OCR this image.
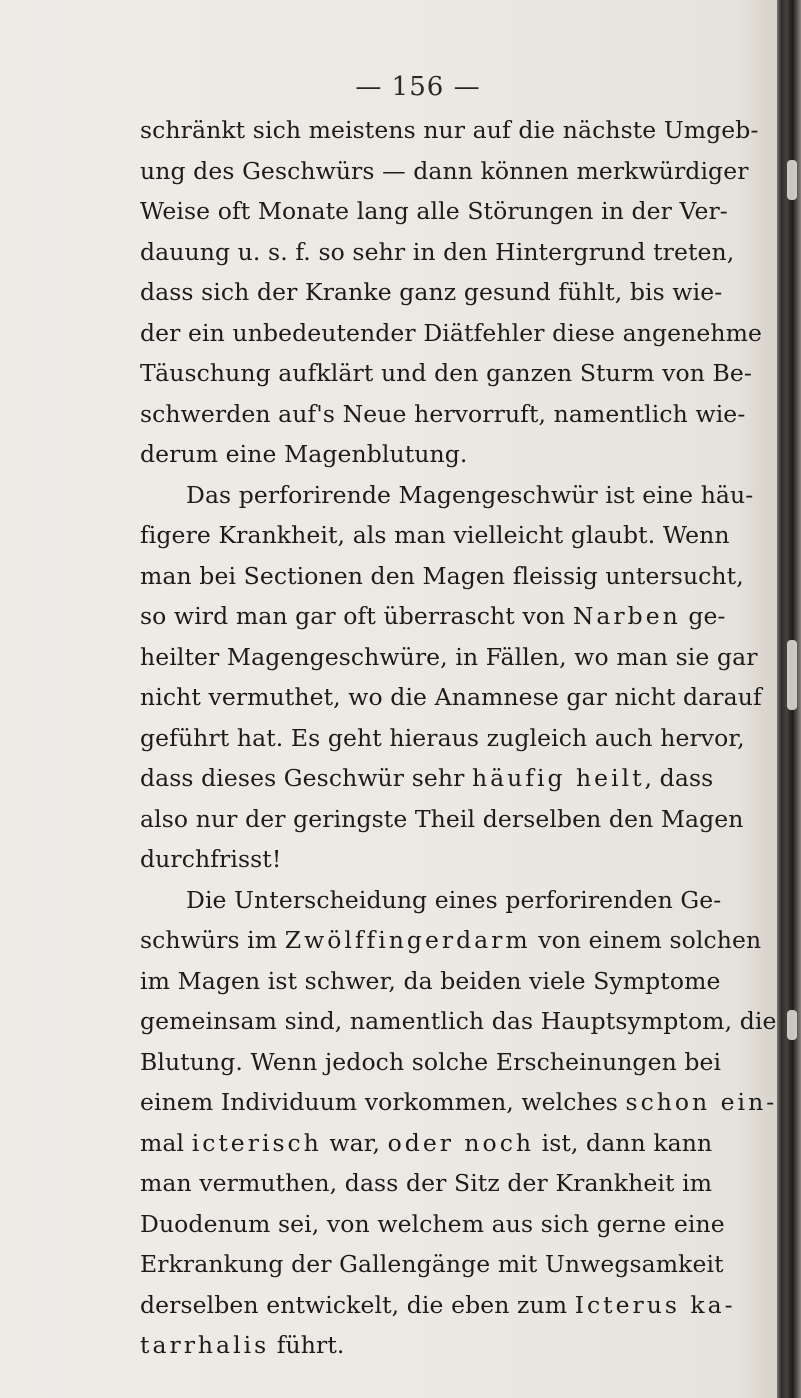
— 156 —
schränkt sich meistens nur auf die nächste Umgeb-
ung des Geschwürs — dann können merkwürdiger
Weise oft Monate lang alle Störungen in der Ver-
dauung u. s. f. so sehr in den Hintergrund treten,
dass sich der Kranke ganz gesund fühlt, bis wie-
der ein unbedeutender Diätfehler diese angenehme
Täuschung aufklärt und den ganzen Sturm von Be-
schwerden auf's Neue hervorruft, namentlich wie-
derum eine Magenblutung.
Das perforirende Magengeschwür ist eine häu-
figere Krankheit, als man vielleicht glaubt. Wenn
man bei Sectionen den Magen fleissig untersucht,
so wird man gar oft überrascht von Narben ge-
heilter Magengeschwüre, in Fällen, wo man sie gar
nicht vermuthet, wo die Anamnese gar nicht darauf
geführt hat. Es geht hieraus zugleich auch hervor,
dass dieses Geschwür sehr häufig heilt, dass
also nur der geringste Theil derselben den Magen
durchfrisst!
Die Unterscheidung eines perforirenden Ge-
schwürs im Zwölffingerdarm von einem solchen
im Magen ist schwer, da beiden viele Symptome
gemeinsam sind, namentlich das Hauptsymptom, die
Blutung. Wenn jedoch solche Erscheinungen bei
einem Individuum vorkommen, welches schon ein-
mal icterisch war, oder noch ist, dann kann
man vermuthen, dass der Sitz der Krankheit im
Duodenum sei, von welchem aus sich gerne eine
Erkrankung der Gallengänge mit Unwegsamkeit
derselben entwickelt, die eben zum Icterus ka-
tarrhalis führt.
